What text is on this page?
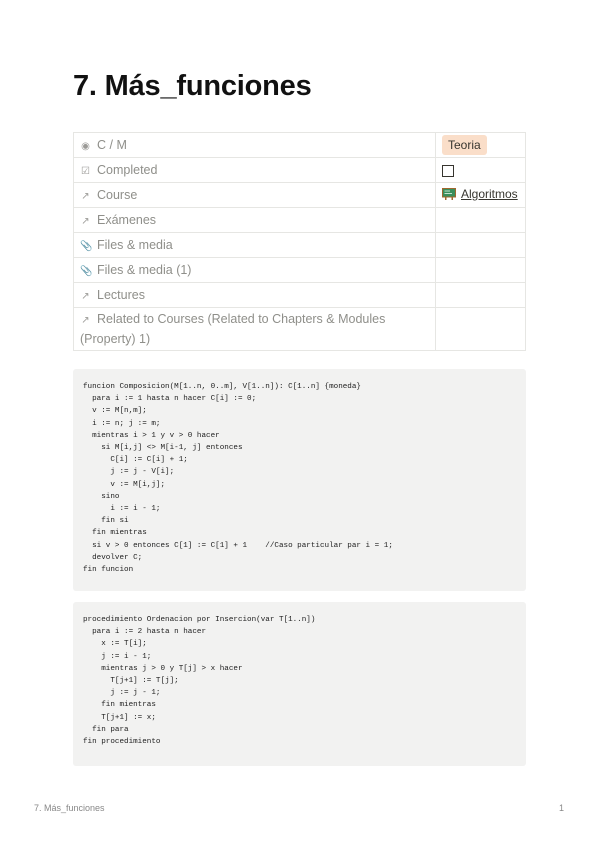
7. Más_funciones
◉ C / M	Teoria
☑ Completed	
↗ Course	Algoritmos

↗ Exámenes	
📎 Files & media	
📎 Files & media (1)	
↗ Lectures	
↗ Related to Courses (Related to Chapters & Modules (Property) 1)	
funcion Composicion(M[1..n, 0..m], V[1..n]): C[1..n] {moneda}
para i := 1 hasta n hacer C[i] := 0;
v := M[n,m];
i := n; j := m;
mientras i > 1 y v > 0 hacer
si M[i,j] <> M[i-1, j] entonces
C[i] := C[i] + 1;
j := j - V[i];
v := M[i,j];
sino
i := i - 1;
fin si
fin mientras
si v > 0 entonces C[1] := C[1] + 1    //Caso particular par i = 1;
devolver C;
fin funcion
procedimiento Ordenacion por Insercion(var T[1..n])
para i := 2 hasta n hacer
x := T[i];
j := i - 1;
mientras j > 0 y T[j] > x hacer
T[j+1] := T[j];
j := j - 1;
fin mientras
T[j+1] := x;
fin para
fin procedimiento
7. Más_funciones	1
